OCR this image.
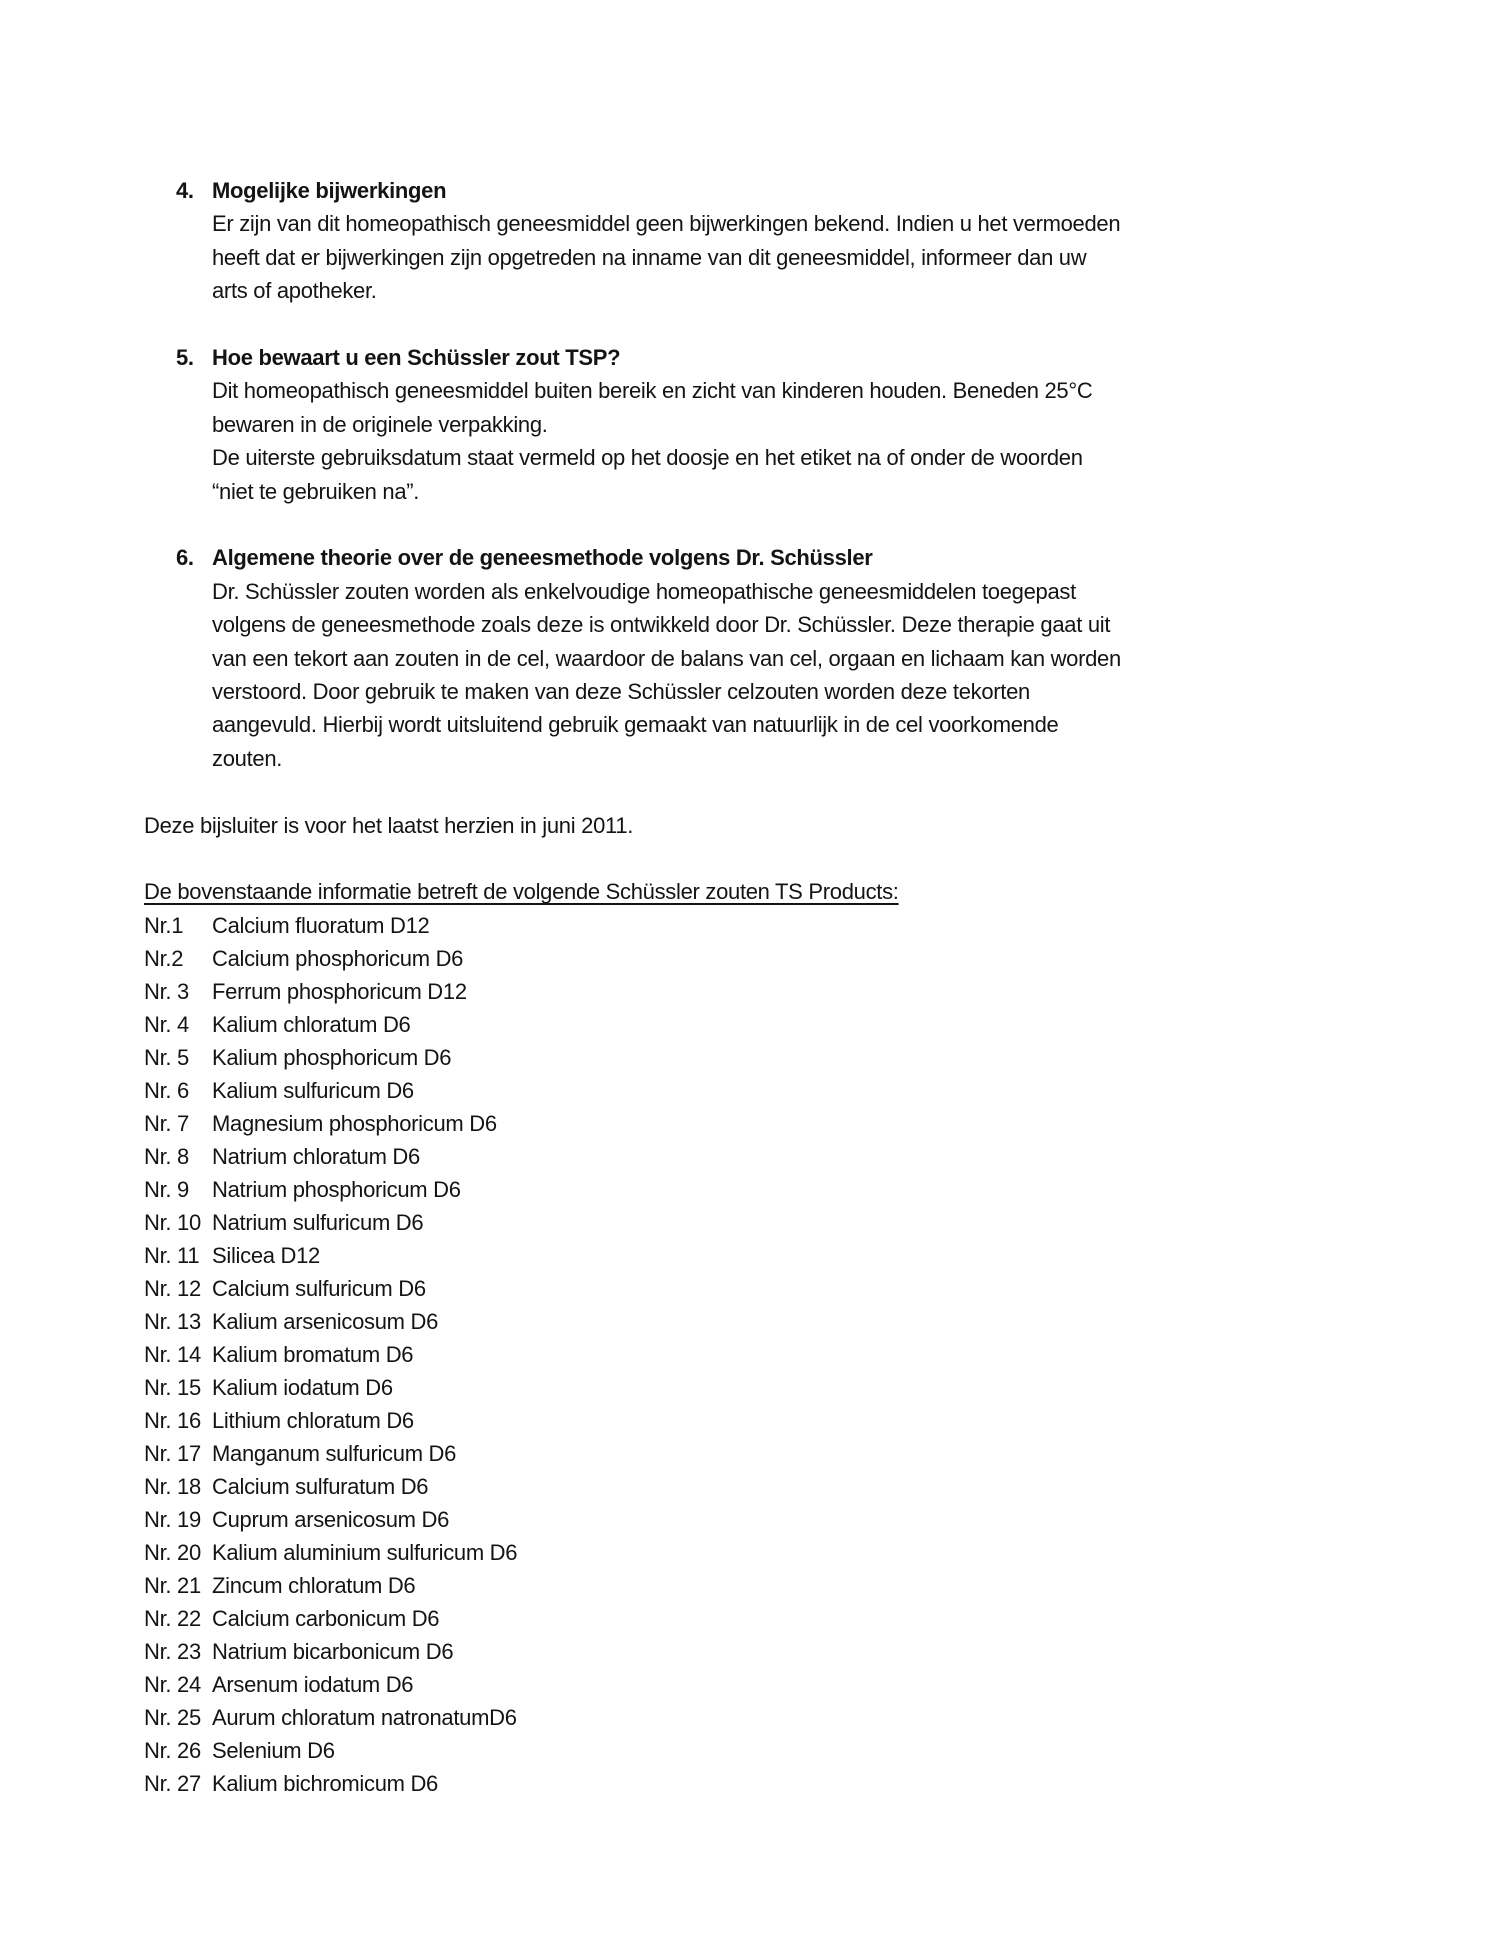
4. Mogelijke bijwerkingen
Er zijn van dit homeopathisch geneesmiddel geen bijwerkingen bekend. Indien u het vermoeden
heeft dat er bijwerkingen zijn opgetreden na inname van dit geneesmiddel, informeer dan uw
arts of apotheker.
5. Hoe bewaart u een Schüssler zout TSP?
Dit homeopathisch geneesmiddel buiten bereik en zicht van kinderen houden. Beneden 25°C
bewaren in de originele verpakking.
De uiterste gebruiksdatum staat vermeld op het doosje en het etiket na of onder de woorden
“niet te gebruiken na”.
6. Algemene theorie over de geneesmethode volgens Dr. Schüssler
Dr. Schüssler zouten worden als enkelvoudige homeopathische geneesmiddelen toegepast
volgens de geneesmethode zoals deze is ontwikkeld door Dr. Schüssler. Deze therapie gaat uit
van een tekort aan zouten in de cel, waardoor de balans van cel, orgaan en lichaam kan worden
verstoord. Door gebruik te maken van deze Schüssler celzouten worden deze tekorten
aangevuld. Hierbij wordt uitsluitend gebruik gemaakt van natuurlijk in de cel voorkomende
zouten.

Deze bijsluiter is voor het laatst herzien in juni 2011.

De bovenstaande informatie betreft de volgende Schüssler zouten TS Products:

Nr.1	Calcium fluoratum D12
Nr.2	Calcium phosphoricum D6
Nr. 3	Ferrum phosphoricum D12
Nr. 4	Kalium chloratum D6
Nr. 5	Kalium phosphoricum D6
Nr. 6	Kalium sulfuricum D6
Nr. 7	Magnesium phosphoricum D6
Nr. 8	Natrium chloratum D6
Nr. 9	Natrium phosphoricum D6
Nr. 10 Natrium sulfuricum D6
Nr. 11 Silicea D12
Nr. 12 Calcium sulfuricum D6
Nr. 13 Kalium arsenicosum D6
Nr. 14 Kalium bromatum D6
Nr. 15 Kalium iodatum D6
Nr. 16 Lithium chloratum D6
Nr. 17 Manganum sulfuricum D6
Nr. 18 Calcium sulfuratum D6
Nr. 19 Cuprum arsenicosum D6
Nr. 20 Kalium aluminium sulfuricum D6
Nr. 21 Zincum chloratum D6
Nr. 22 Calcium carbonicum D6
Nr. 23 Natrium bicarbonicum D6
Nr. 24 Arsenum iodatum D6
Nr. 25 Aurum chloratum natronatumD6
Nr. 26 Selenium D6
Nr. 27 Kalium bichromicum D6
